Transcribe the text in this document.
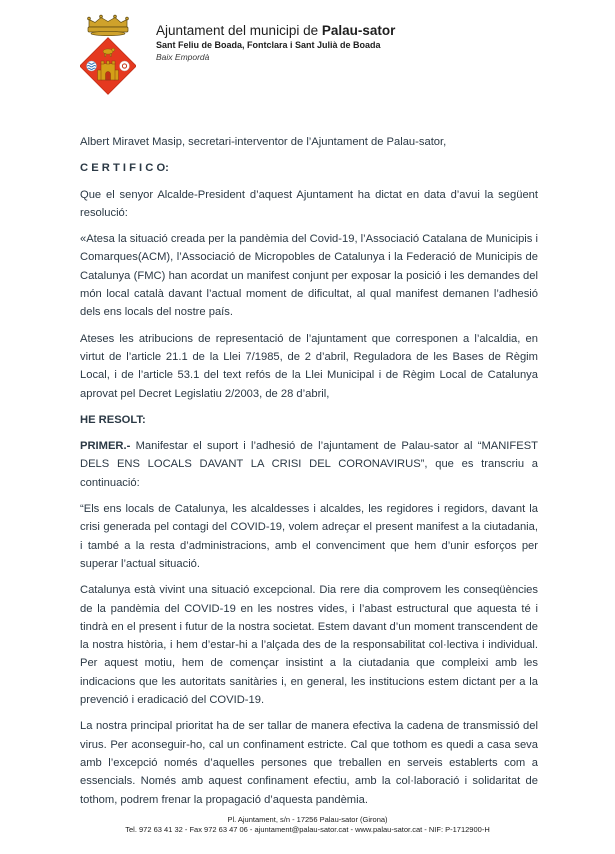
Ajuntament del municipi de Palau-sator
Sant Feliu de Boada, Fontclara i Sant Julià de Boada
Baix Empordà

Albert Miravet Masip, secretari-interventor de l’Ajuntament de Palau-sator,

C E R T I F I C O:

Que el senyor Alcalde-President d’aquest Ajuntament ha dictat en data d’avui la següent resolució:

«Atesa la situació creada per la pandèmia del Covid-19, l’Associació Catalana de Municipis i Comarques(ACM), l’Associació de Micropobles de Catalunya i la Federació de Municipis de Catalunya (FMC) han acordat un manifest conjunt per exposar la posició i les demandes del món local català davant l’actual moment de dificultat, al qual manifest demanen l’adhesió dels ens locals del nostre país.

Ateses les atribucions de representació de l’ajuntament que corresponen a l’alcaldia, en virtut de l’article 21.1 de la Llei 7/1985, de 2 d’abril, Reguladora de les Bases de Règim Local, i de l’article 53.1 del text refós de la Llei Municipal i de Règim Local de Catalunya aprovat pel Decret Legislatiu 2/2003, de 28 d’abril,

HE RESOLT:

PRIMER.- Manifestar el suport i l’adhesió de l’ajuntament de Palau-sator al “MANIFEST DELS ENS LOCALS DAVANT LA CRISI DEL CORONAVIRUS”, que es transcriu a continuació:

“Els ens locals de Catalunya, les alcaldesses i alcaldes, les regidores i regidors, davant la crisi generada pel contagi del COVID-19, volem adreçar el present manifest a la ciutadania, i també a la resta d’administracions, amb el convenciment que hem d’unir esforços per superar l’actual situació.

Catalunya està vivint una situació excepcional. Dia rere dia comprovem les conseqüències de la pandèmia del COVID-19 en les nostres vides, i l’abast estructural que aquesta té i tindrà en el present i futur de la nostra societat. Estem davant d’un moment transcendent de la nostra història, i hem d’estar-hi a l’alçada des de la responsabilitat col·lectiva i individual. Per aquest motiu, hem de començar insistint a la ciutadania que compleixi amb les indicacions que les autoritats sanitàries i, en general, les institucions estem dictant per a la prevenció i eradicació del COVID-19.

La nostra principal prioritat ha de ser tallar de manera efectiva la cadena de transmissió del virus. Per aconseguir-ho, cal un confinament estricte. Cal que tothom es quedi a casa seva amb l’excepció només d’aquelles persones que treballen en serveis establerts com a essencials. Només amb aquest confinament efectiu, amb la col·laboració i solidaritat de tothom, podrem frenar la propagació d’aquesta pandèmia.

Pl. Ajuntament, s/n - 17256 Palau-sator (Girona)
Tel. 972 63 41 32 - Fax 972 63 47 06 - ajuntament@palau-sator.cat - www.palau-sator.cat - NIF: P-1712900-H
